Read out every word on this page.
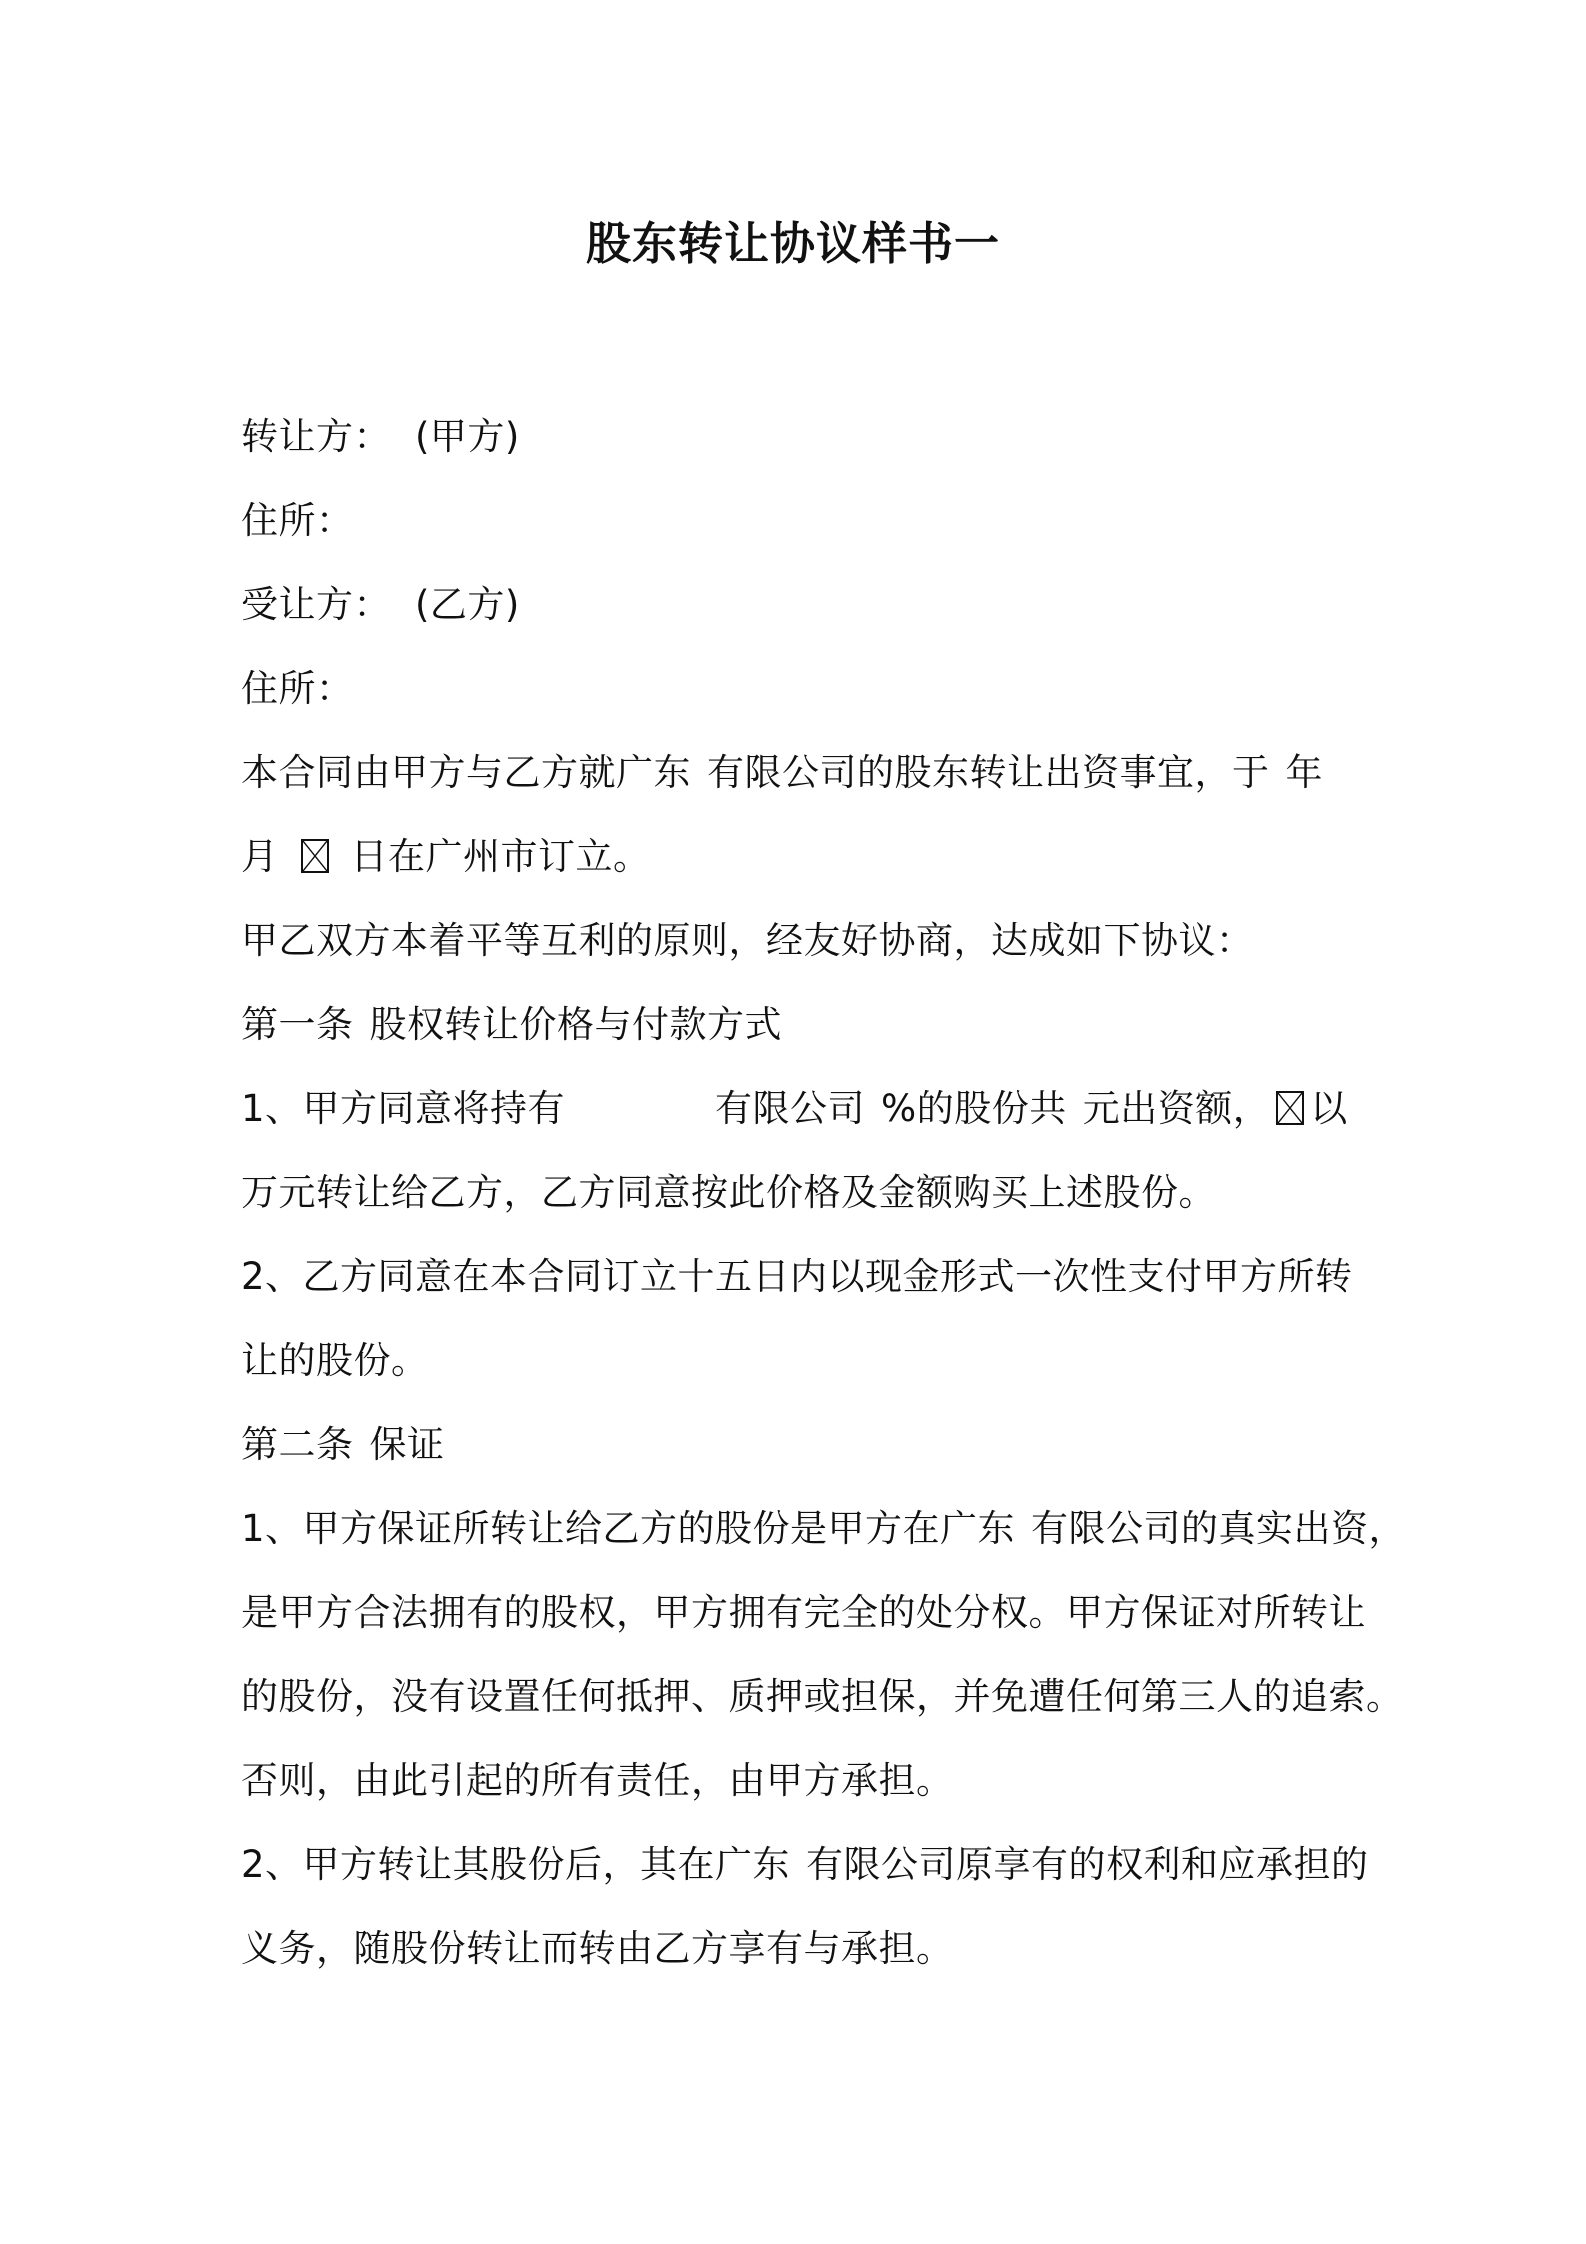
股东转让协议样书一
转让方： (甲方)
住所：
受让方： (乙方)
住所：
本合同由甲方与乙方就广东 有限公司的股东转让出资事宜，于 年
月 日在广州市订立。
甲乙双方本着平等互利的原则，经友好协商，达成如下协议：
第一条 股权转让价格与付款方式
1、甲方同意将持有	有限公司 %的股份共 元出资额， 以
万元转让给乙方，乙方同意按此价格及金额购买上述股份。
2、乙方同意在本合同订立十五日内以现金形式一次性支付甲方所转
让的股份。
第二条 保证
1、甲方保证所转让给乙方的股份是甲方在广东 有限公司的真实出资，
是甲方合法拥有的股权，甲方拥有完全的处分权。甲方保证对所转让
的股份，没有设置任何抵押、质押或担保，并免遭任何第三人的追索。
否则，由此引起的所有责任，由甲方承担。
2、甲方转让其股份后，其在广东 有限公司原享有的权利和应承担的
义务，随股份转让而转由乙方享有与承担。
